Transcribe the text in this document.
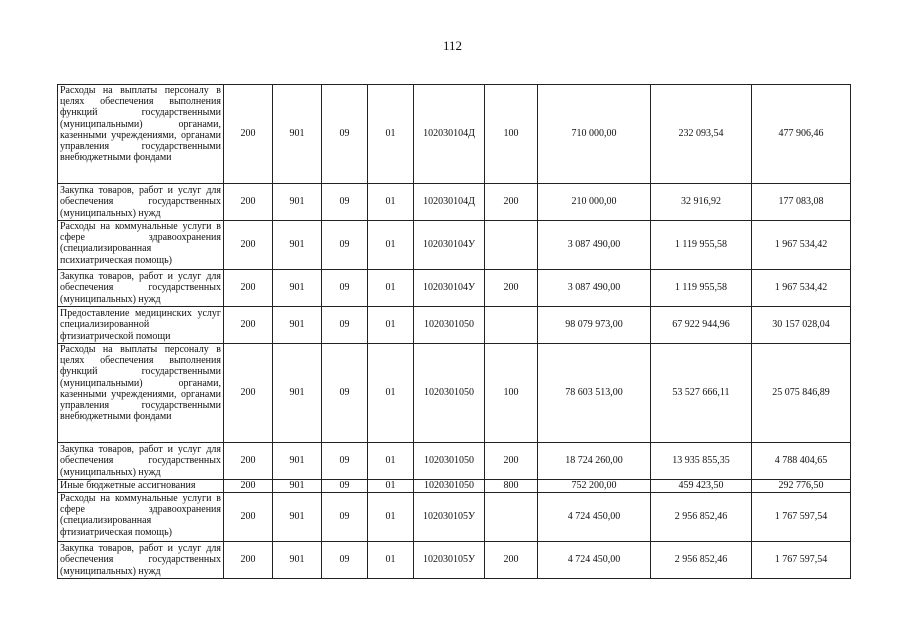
112
Расходы на выплаты персоналу в целях обеспечения выполнения функций государственными (муниципальными) органами, казенными учреждениями, органами управления государственными внебюджетными фондами	200	901	09	01	102030104Д	100	710 000,00	232 093,54	477 906,46
Закупка товаров, работ и услуг для обеспечения государственных (муниципальных) нужд	200	901	09	01	102030104Д	200	210 000,00	32 916,92	177 083,08
Расходы на коммунальные услуги в сфере здравоохранения (специализированная психиатрическая помощь)	200	901	09	01	102030104У		3 087 490,00	1 119 955,58	1 967 534,42
Закупка товаров, работ и услуг для обеспечения государственных (муниципальных) нужд	200	901	09	01	102030104У	200	3 087 490,00	1 119 955,58	1 967 534,42
Предоставление медицинских услуг специализированной фтизиатрической помощи	200	901	09	01	1020301050		98 079 973,00	67 922 944,96	30 157 028,04
Расходы на выплаты персоналу в целях обеспечения выполнения функций государственными (муниципальными) органами, казенными учреждениями, органами управления государственными внебюджетными фондами	200	901	09	01	1020301050	100	78 603 513,00	53 527 666,11	25 075 846,89
Закупка товаров, работ и услуг для обеспечения государственных (муниципальных) нужд	200	901	09	01	1020301050	200	18 724 260,00	13 935 855,35	4 788 404,65
Иные бюджетные ассигнования	200	901	09	01	1020301050	800	752 200,00	459 423,50	292 776,50
Расходы на коммунальные услуги в сфере здравоохранения (специализированная фтизиатрическая помощь)	200	901	09	01	102030105У		4 724 450,00	2 956 852,46	1 767 597,54
Закупка товаров, работ и услуг для обеспечения государственных (муниципальных) нужд	200	901	09	01	102030105У	200	4 724 450,00	2 956 852,46	1 767 597,54
